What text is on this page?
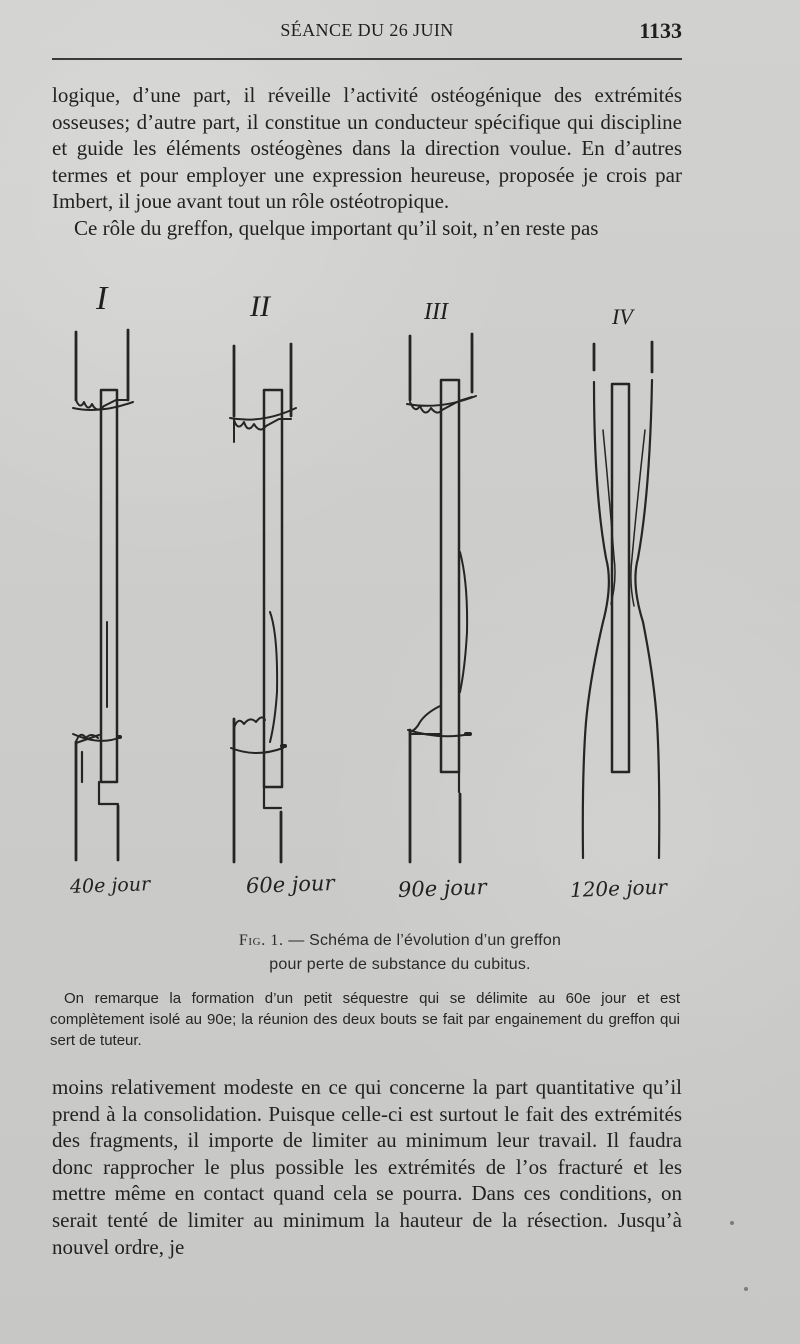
SÉANCE DU 26 JUIN	1133

logique, d’une part, il réveille l’activité ostéogénique des extrémités osseuses; d’autre part, il constitue un conducteur spécifique qui discipline et guide les éléments ostéogènes dans la direction voulue. En d’autres termes et pour employer une expression heureuse, proposée je crois par Imbert, il joue avant tout un rôle ostéotropique.

Ce rôle du greffon, quelque important qu’il soit, n’en reste pas

I	II	III	IV
40e jour	60e jour	90e jour	120e jour
Fig. 1. — Schéma de l’évolution d’un greffon
pour perte de substance du cubitus.

On remarque la formation d’un petit séquestre qui se délimite au 60e jour et est complètement isolé au 90e; la réunion des deux bouts se fait par engainement du greffon qui sert de tuteur.

moins relativement modeste en ce qui concerne la part quantitative qu’il prend à la consolidation. Puisque celle-ci est surtout le fait des extrémités des fragments, il importe de limiter au minimum leur travail. Il faudra donc rapprocher le plus possible les extrémités de l’os fracturé et les mettre même en contact quand cela se pourra. Dans ces conditions, on serait tenté de limiter au minimum la hauteur de la résection. Jusqu’à nouvel ordre, je
